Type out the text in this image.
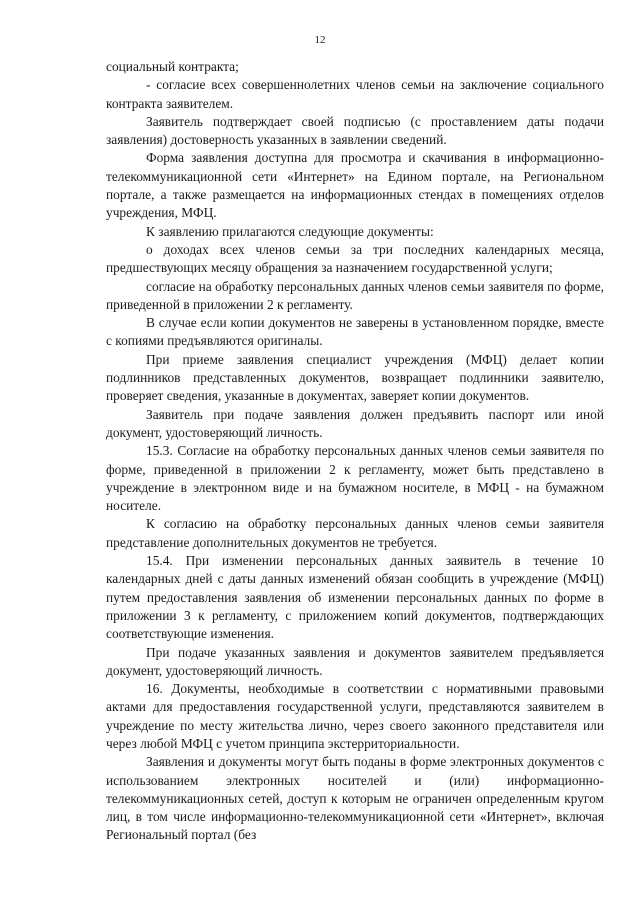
12

социальный контракта;

- согласие всех совершеннолетних членов семьи на заключение социального контракта заявителем.

Заявитель подтверждает своей подписью (с проставлением даты подачи заявления) достоверность указанных в заявлении сведений.

Форма заявления доступна для просмотра и скачивания в информационно-телекоммуникационной сети «Интернет» на Едином портале, на Региональном портале, а также размещается на информационных стендах в помещениях отделов учреждения, МФЦ.

К заявлению прилагаются следующие документы:

о доходах всех членов семьи за три последних календарных месяца, предшествующих месяцу обращения за назначением государственной услуги;

согласие на обработку персональных данных членов семьи заявителя по форме, приведенной в приложении 2 к регламенту.

В случае если копии документов не заверены в установленном порядке, вместе с копиями предъявляются оригиналы.

При приеме заявления специалист учреждения (МФЦ) делает копии подлинников представленных документов, возвращает подлинники заявителю, проверяет сведения, указанные в документах, заверяет копии документов.

Заявитель при подаче заявления должен предъявить паспорт или иной документ, удостоверяющий личность.

15.3. Согласие на обработку персональных данных членов семьи заявителя по форме, приведенной в приложении 2 к регламенту, может быть представлено в учреждение в электронном виде и на бумажном носителе, в МФЦ - на бумажном носителе.

К согласию на обработку персональных данных членов семьи заявителя представление дополнительных документов не требуется.

15.4. При изменении персональных данных заявитель в течение 10 календарных дней с даты данных изменений обязан сообщить в учреждение (МФЦ) путем предоставления заявления об изменении персональных данных по форме в приложении 3 к регламенту, с приложением копий документов, подтверждающих соответствующие изменения.

При подаче указанных заявления и документов заявителем предъявляется документ, удостоверяющий личность.

16. Документы, необходимые в соответствии с нормативными правовыми актами для предоставления государственной услуги, представляются заявителем в учреждение по месту жительства лично, через своего законного представителя или через любой МФЦ с учетом принципа экстерриториальности.

Заявления и документы могут быть поданы в форме электронных документов с использованием электронных носителей и (или) информационно-телекоммуникационных сетей, доступ к которым не ограничен определенным кругом лиц, в том числе информационно-телекоммуникационной сети «Интернет», включая Региональный портал (без
